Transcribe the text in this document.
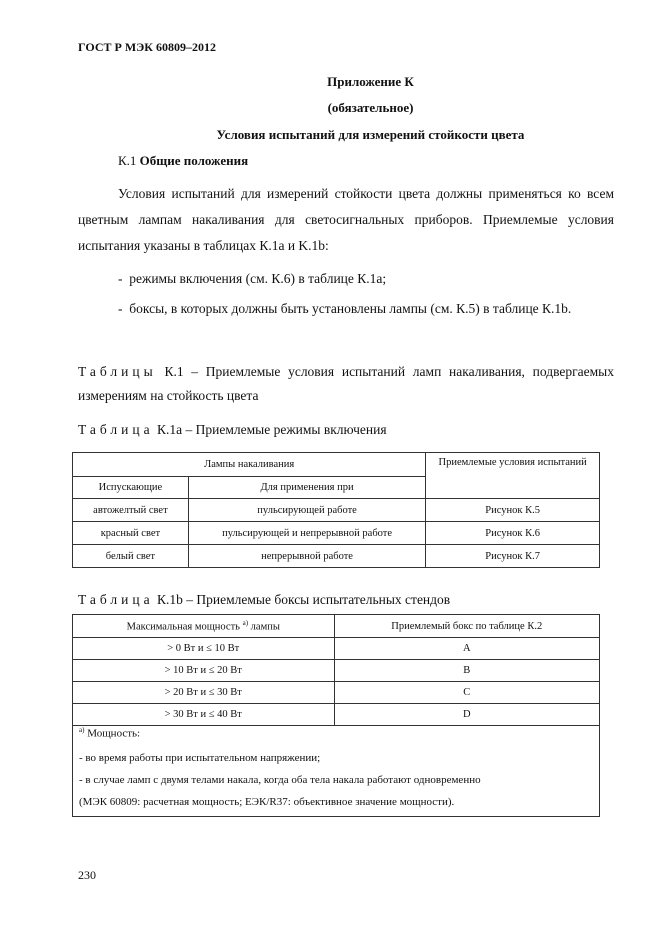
ГОСТ Р МЭК 60809–2012
Приложение К
(обязательное)
Условия испытаний для измерений стойкости цвета
К.1 Общие положения
Условия испытаний для измерений стойкости цвета должны применяться ко всем цветным лампам накаливания для светосигнальных приборов. Приемлемые условия испытания указаны в таблицах К.1a и K.1b:
-  режимы включения (см. К.6) в таблице К.1а;
-  боксы, в которых должны быть установлены лампы (см. К.5) в таблице К.1b.
Таблицы К.1 – Приемлемые условия испытаний ламп накаливания, подвергаемых измерениям на стойкость цвета
Таблица К.1a – Приемлемые режимы включения
Лампы накаливания		Приемлемые условия испытаний
Испускающие	Для применения при	
автожелтый свет	пульсирующей работе	Рисунок К.5
красный свет	пульсирующей и непрерывной работе	Рисунок К.6
белый свет	непрерывной работе	Рисунок К.7
Таблица К.1b – Приемлемые боксы испытательных стендов
Максимальная мощность $^{a)}$ лампы	Приемлемый бокс по таблице К.2
> 0 Вт и ≤ 10 Вт	A
> 10 Вт и ≤ 20 Вт	B
> 20 Вт и ≤ 30 Вт	C
> 30 Вт и ≤ 40 Вт	D
$^{a)}$ Мощность:
- во время работы при испытательном напряжении;
- в случае ламп с двумя телами накала, когда оба тела накала работают одновременно
(МЭК 60809: расчетная мощность; ЕЭК/R37: объективное значение мощности).
230
